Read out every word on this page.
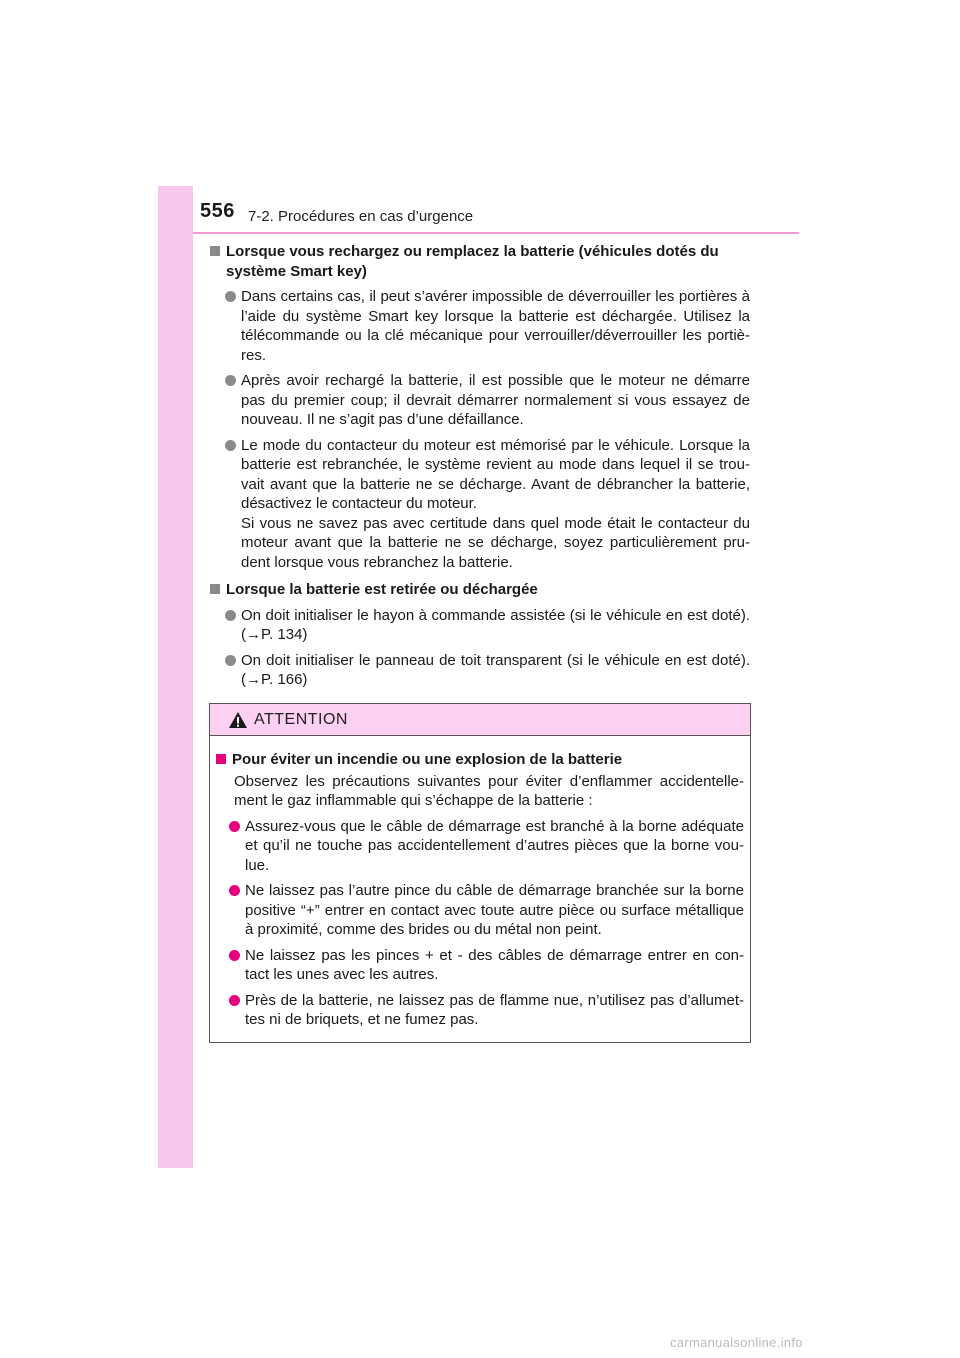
556 7-2. Procédures en cas d’urgence
Lorsque vous rechargez ou remplacez la batterie (véhicules dotés du système Smart key)
Dans certains cas, il peut s’avérer impossible de déverrouiller les portières à l’aide du système Smart key lorsque la batterie est déchargée. Utilisez la télécommande ou la clé mécanique pour verrouiller/déverrouiller les portiè-res.
Après avoir rechargé la batterie, il est possible que le moteur ne démarre pas du premier coup; il devrait démarrer normalement si vous essayez de nouveau. Il ne s’agit pas d’une défaillance.
Le mode du contacteur du moteur est mémorisé par le véhicule. Lorsque la batterie est rebranchée, le système revient au mode dans lequel il se trou-vait avant que la batterie ne se décharge. Avant de débrancher la batterie, désactivez le contacteur du moteur.
Si vous ne savez pas avec certitude dans quel mode était le contacteur du moteur avant que la batterie ne se décharge, soyez particulièrement pru-dent lorsque vous rebranchez la batterie.
Lorsque la batterie est retirée ou déchargée
On doit initialiser le hayon à commande assistée (si le véhicule en est doté). (→P. 134)
On doit initialiser le panneau de toit transparent (si le véhicule en est doté). (→P. 166)
ATTENTION
Pour éviter un incendie ou une explosion de la batterie
Observez les précautions suivantes pour éviter d’enflammer accidentelle-ment le gaz inflammable qui s’échappe de la batterie :
Assurez-vous que le câble de démarrage est branché à la borne adéquate et qu’il ne touche pas accidentellement d’autres pièces que la borne vou-lue.
Ne laissez pas l’autre pince du câble de démarrage branchée sur la borne positive “+” entrer en contact avec toute autre pièce ou surface métallique à proximité, comme des brides ou du métal non peint.
Ne laissez pas les pinces + et - des câbles de démarrage entrer en con-tact les unes avec les autres.
Près de la batterie, ne laissez pas de flamme nue, n’utilisez pas d’allumet-tes ni de briquets, et ne fumez pas.
carmanualsonline.info
